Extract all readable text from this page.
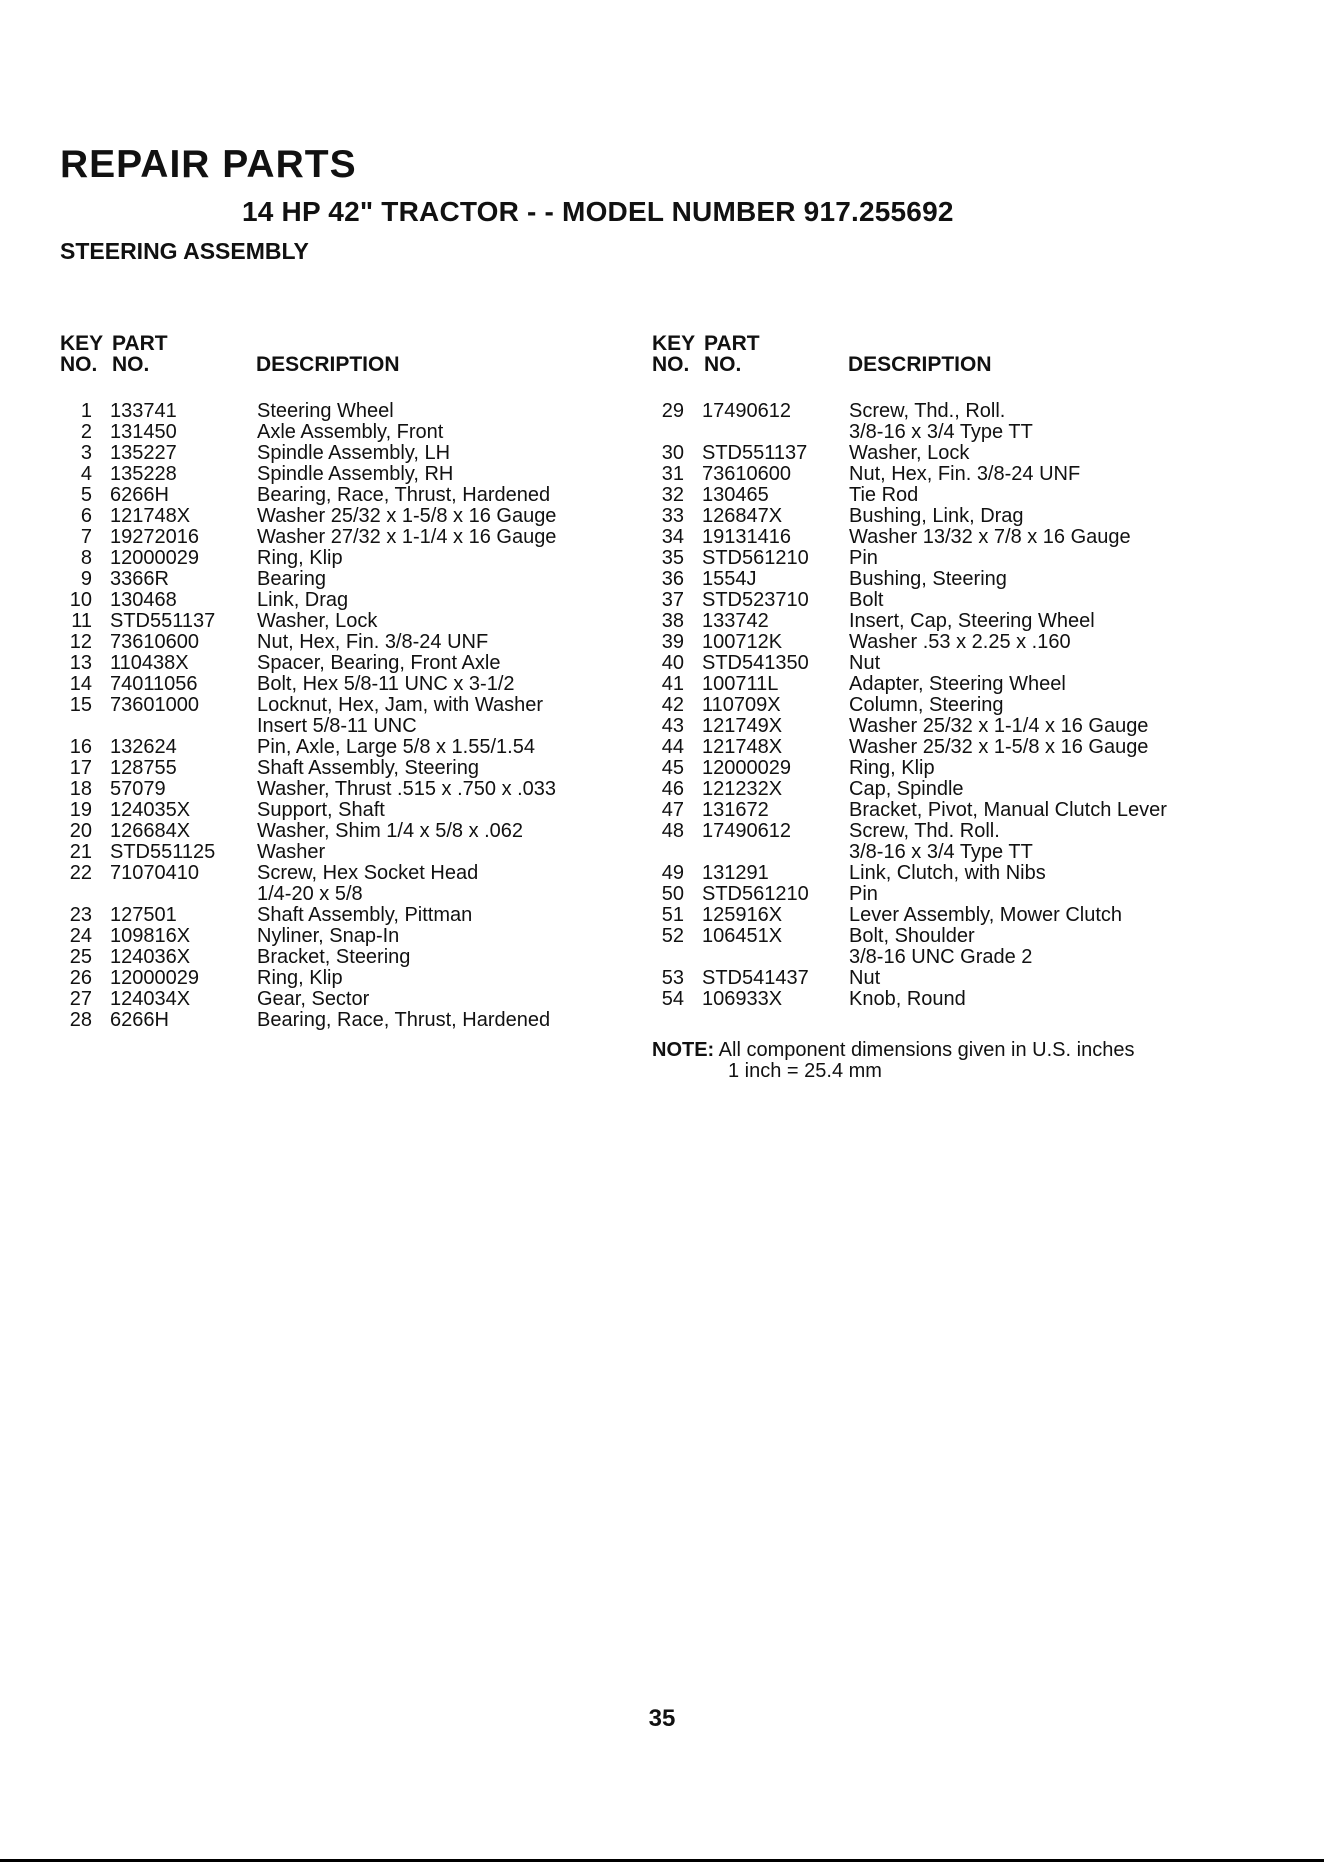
REPAIR PARTS
14 HP 42" TRACTOR - - MODEL NUMBER 917.255692
STEERING ASSEMBLY
KEY
NO.
PART
NO.	DESCRIPTION
1 133741	Steering Wheel
2 131450	Axle Assembly, Front
3 135227	Spindle Assembly, LH
4 135228	Spindle Assembly, RH
5 6266H	Bearing, Race, Thrust, Hardened
6 121748X	Washer 25/32 x 1-5/8 x 16 Gauge
7 19272016	Washer 27/32 x 1-1/4 x 16 Gauge
8 12000029	Ring, Klip
9 3366R	Bearing
10 130468	Link, Drag
11 STD551137 Washer, Lock
12 73610600	Nut, Hex, Fin. 3/8-24 UNF
13 110438X	Spacer, Bearing, Front Axle
14 74011056	Bolt, Hex 5/8-11 UNC x 3-1/2
15 73601000	Locknut, Hex, Jam, with Washer
Insert 5/8-11 UNC
16 132624	Pin, Axle, Large 5/8 x 1.55/1.54
17 128755	Shaft Assembly, Steering
18 57079	Washer, Thrust .515 x .750 x .033
19 124035X	Support, Shaft
20 126684X	Washer, Shim 1/4 x 5/8 x .062
21 STD551125 Washer
22 71070410	Screw, Hex Socket Head
1/4-20 x 5/8
23 127501	Shaft Assembly, Pittman
24 109816X	Nyliner, Snap-In
25 124036X	Bracket, Steering
26 12000029	Ring, Klip
27 124034X	Gear, Sector
28 6266H	Bearing, Race, Thrust, Hardened
KEY
NO.
PART
NO.	DESCRIPTION
29 17490612	Screw, Thd., Roll.
3/8-16 x 3/4 Type TT
30 STD551137 Washer, Lock
31 73610600	Nut, Hex, Fin. 3/8-24 UNF
32 130465	Tie Rod
33 126847X	Bushing, Link, Drag
34 19131416	Washer 13/32 x 7/8 x 16 Gauge
35 STD561210 Pin
36 1554J	Bushing, Steering
37 STD523710 Bolt
38 133742	Insert, Cap, Steering Wheel
39 100712K	Washer .53 x 2.25 x .160
40 STD541350 Nut
41 100711L	Adapter, Steering Wheel
42 110709X	Column, Steering
43 121749X	Washer 25/32 x 1-1/4 x 16 Gauge
44 121748X	Washer 25/32 x 1-5/8 x 16 Gauge
45 12000029	Ring, Klip
46 121232X	Cap, Spindle
47 131672	Bracket, Pivot, Manual Clutch Lever
48 17490612	Screw, Thd. Roll.
3/8-16 x 3/4 Type TT
49 131291	Link, Clutch, with Nibs
50 STD561210 Pin
51 125916X	Lever Assembly, Mower Clutch
52 106451X	Bolt, Shoulder
3/8-16 UNC Grade 2
53 STD541437 Nut
54 106933X	Knob, Round
NOTE: All component dimensions given in U.S. inches
1 inch = 25.4 mm
35
